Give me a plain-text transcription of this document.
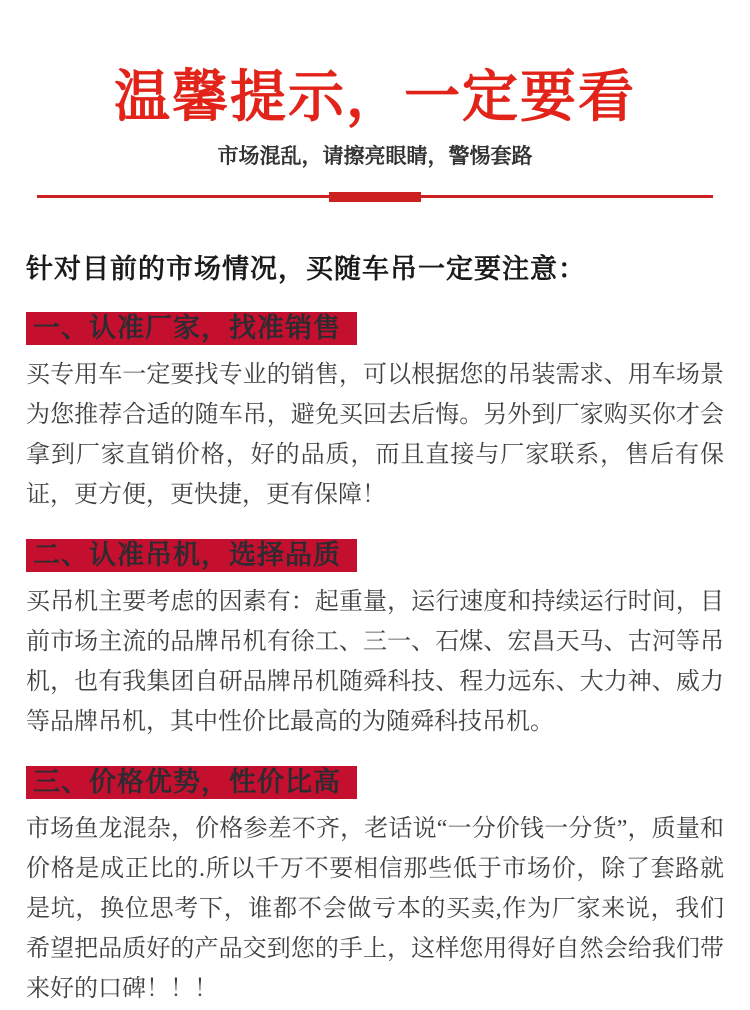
温馨提示，一定要看
市场混乱，请擦亮眼睛，警惕套路
针对目前的市场情况，买随车吊一定要注意：
一、认准厂家，找准销售
买专用车一定要找专业的销售，可以根据您的吊装需求、用车场景为您推荐合适的随车吊，避免买回去后悔。另外到厂家购买你才会拿到厂家直销价格，好的品质，而且直接与厂家联系，售后有保证，更方便，更快捷，更有保障！
二、认准吊机，选择品质
买吊机主要考虑的因素有：起重量，运行速度和持续运行时间，目前市场主流的品牌吊机有徐工、三一、石煤、宏昌天马、古河等吊机，也有我集团自研品牌吊机随舜科技、程力远东、大力神、威力等品牌吊机，其中性价比最高的为随舜科技吊机。
三、价格优势，性价比高
市场鱼龙混杂，价格参差不齐，老话说“一分价钱一分货”，质量和价格是成正比的.所以千万不要相信那些低于市场价，除了套路就是坑，换位思考下，谁都不会做亏本的买卖,作为厂家来说，我们希望把品质好的产品交到您的手上，这样您用得好自然会给我们带来好的口碑！！！
